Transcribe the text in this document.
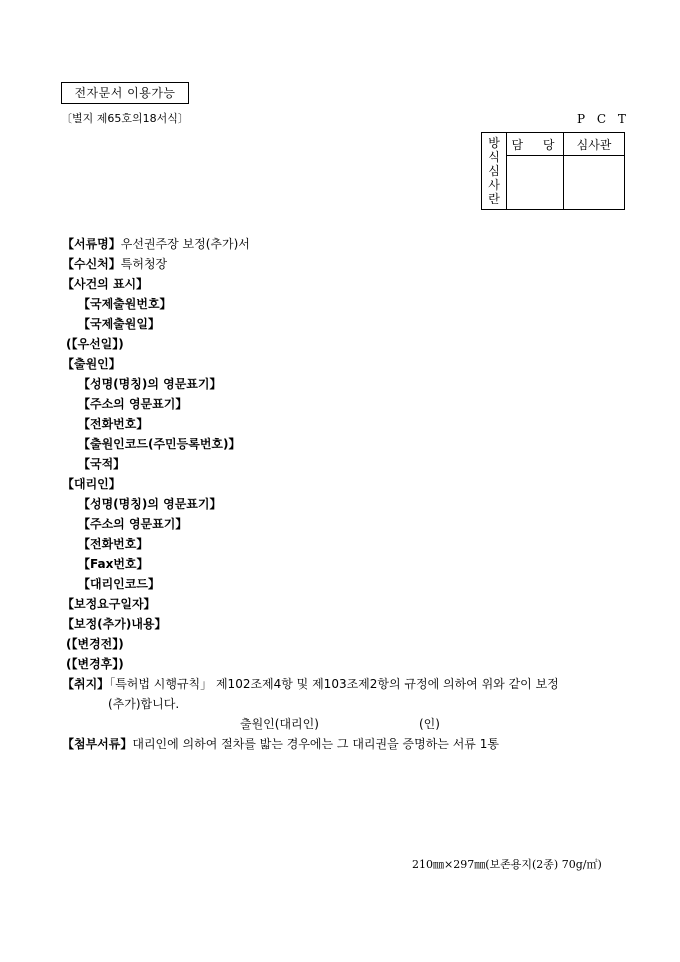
전자문서 이용가능
〔별지 제65호의18서식〕	P C T
방
식
심
사
란	담 당	심사관

【서류명】우선권주장 보정(추가)서
【수신처】특허청장
【사건의 표시】
【국제출원번호】
【국제출원일】
(【우선일】)
【출원인】
【성명(명칭)의 영문표기】
【주소의 영문표기】
【전화번호】
【출원인코드(주민등록번호)】
【국적】
【대리인】
【성명(명칭)의 영문표기】
【주소의 영문표기】
【전화번호】
【Fax번호】
【대리인코드】
【보정요구일자】
【보정(추가)내용】
(【변경전】)
(【변경후】)
【취지】「특허법 시행규칙」 제102조제4항 및 제103조제2항의 규정에 의하여 위와 같이 보정
(추가)합니다.
출원인(대리인)	(인)
【첨부서류】대리인에 의하여 절차를 밟는 경우에는 그 대리권을 증명하는 서류 1통
210㎜×297㎜(보존용지(2종) 70g/㎡)
